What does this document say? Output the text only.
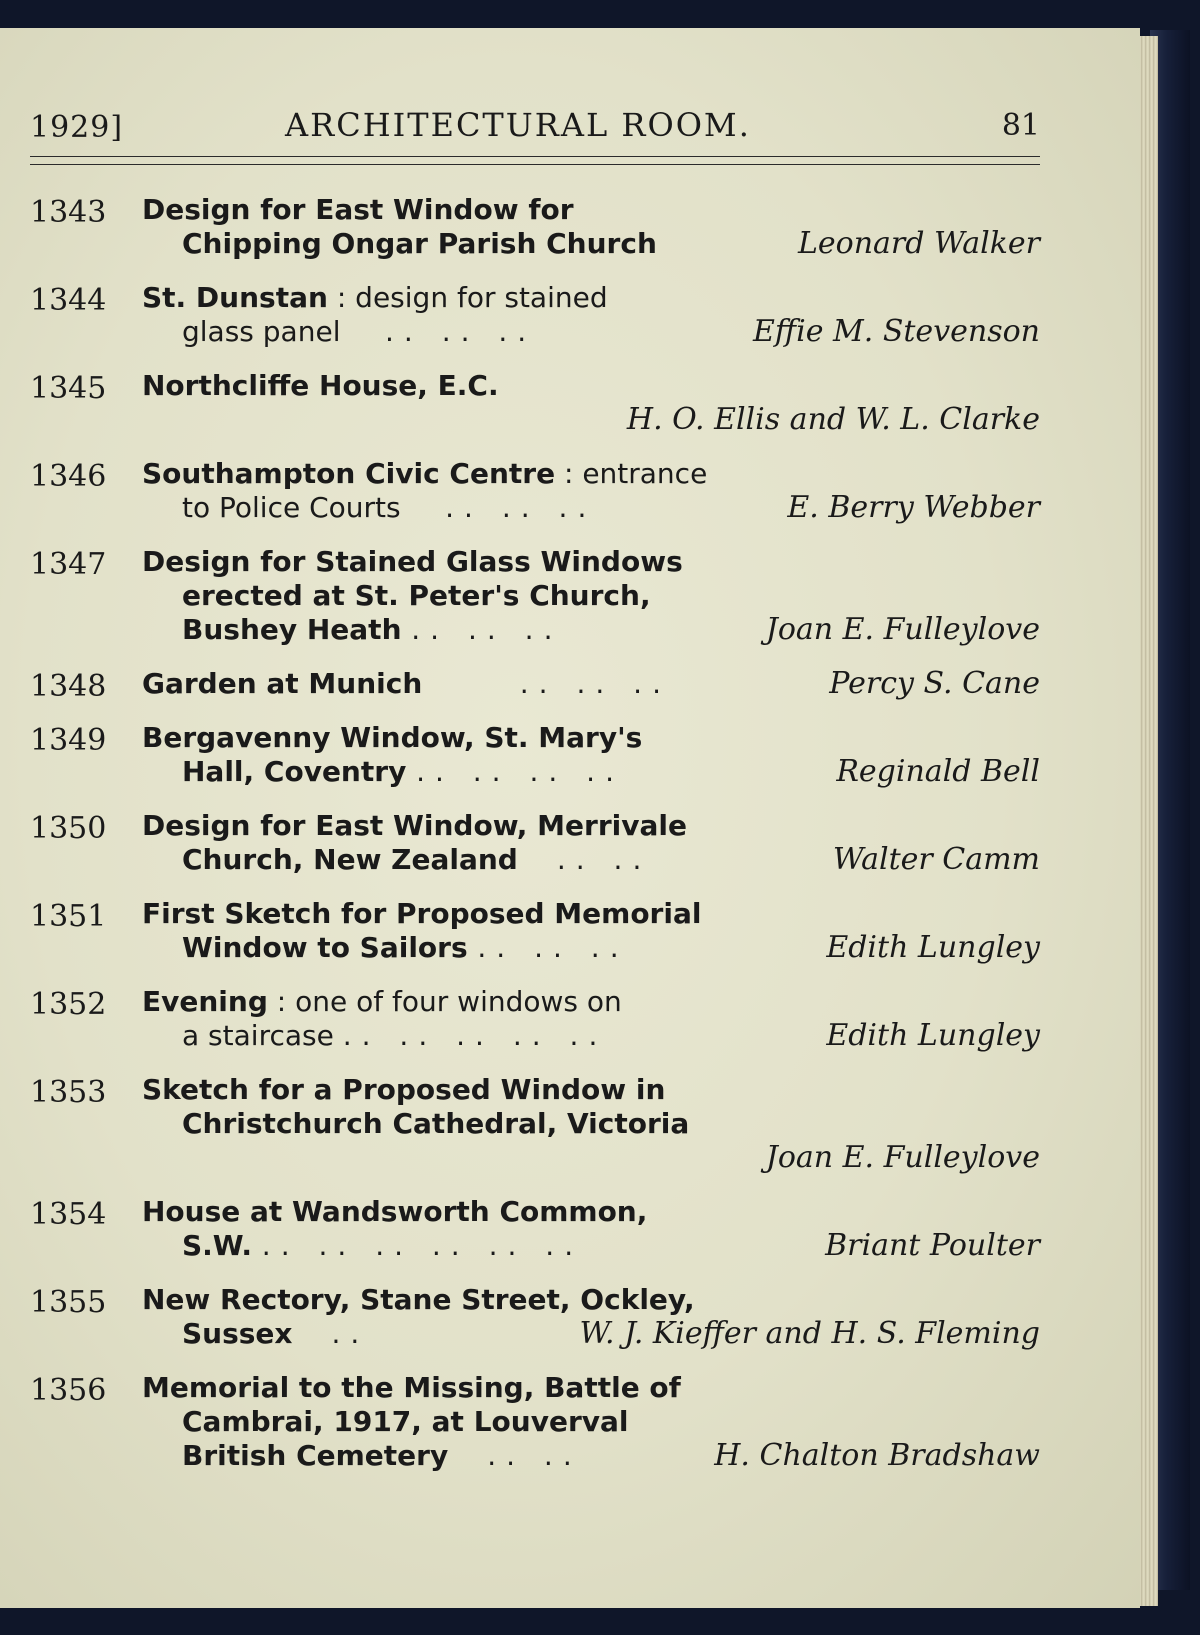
1929]	ARCHITECTURAL ROOM.	81
1343 Design for East Window for
Chipping Ongar Parish Church	Leonard Walker
1344 St. Dunstan : design for stained
glass panel .. .. ..	Effie M. Stevenson
1345 Northcliffe House, E.C.
H. O. Ellis and W. L. Clarke
1346 Southampton Civic Centre : entrance
to Police Courts .. .. ..	E. Berry Webber
1347 Design for Stained Glass Windows
erected at St. Peter's Church,
Bushey Heath .. .. ..	Joan E. Fulleylove
1348 Garden at Munich	.. .. ..	Percy S. Cane
1349 Bergavenny Window, St. Mary's
Hall, Coventry .. .. .. ..	Reginald Bell
1350 Design for East Window, Merrivale
Church, New Zealand .. ..	Walter Camm
1351 First Sketch for Proposed Memorial
Window to Sailors .. .. ..	Edith Lungley
1352 Evening : one of four windows on
a staircase .. .. .. .. ..	Edith Lungley
1353 Sketch for a Proposed Window in
Christchurch Cathedral, Victoria
Joan E. Fulleylove
1354 House at Wandsworth Common,
S.W. .. .. .. .. .. ..	Briant Poulter
1355 New Rectory, Stane Street, Ockley,
Sussex ..	W. J. Kieffer and H. S. Fleming
1356 Memorial to the Missing, Battle of
Cambrai, 1917, at Louverval
British Cemetery .. ..	H. Chalton Bradshaw
